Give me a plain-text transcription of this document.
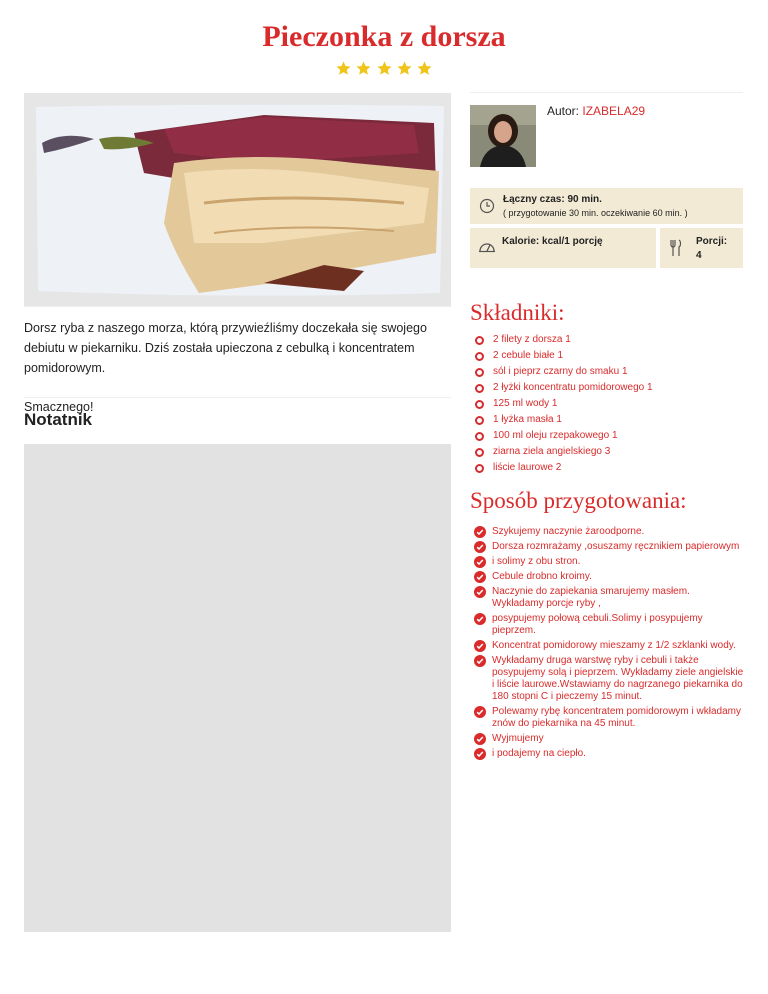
Pieczonka z dorsza

Dorsz ryba z naszego morza, którą przywieźliśmy doczekała się swojego debiutu w piekarniku. Dziś została upieczona z cebulką i koncentratem pomidorowym.

Smacznego!

Notatnik
Autor: IZABELA29
Łączny czas: 90 min.
( przygotowanie 30 min. oczekiwanie 60 min. )
Kalorie: kcal/1 porcję	Porcji:
4
Składniki:
2 filety z dorsza 1
2 cebule białe 1
sól i pieprz czarny do smaku 1
2 łyżki koncentratu pomidorowego 1
125 ml wody 1
1 łyżka masła 1
100 ml oleju rzepakowego 1
ziarna ziela angielskiego 3
liście laurowe 2
Sposób przygotowania:
Szykujemy naczynie żaroodporne.
Dorsza rozmrażamy ,osuszamy ręcznikiem papierowym
i solimy z obu stron.
Cebule drobno kroimy.
Naczynie do zapiekania smarujemy masłem. Wykładamy porcje ryby ,
posypujemy połową cebuli.Solimy i posypujemy pieprzem.
Koncentrat pomidorowy mieszamy z 1/2 szklanki wody.
Wykładamy druga warstwę ryby i cebuli i także posypujemy solą i pieprzem. Wykładamy ziele angielskie i liście laurowe.Wstawiamy do nagrzanego piekarnika do 180 stopni C i pieczemy 15 minut.
Polewamy rybę koncentratem pomidorowym i wkładamy znów do piekarnika na 45 minut.
Wyjmujemy
i podajemy na ciepło.
